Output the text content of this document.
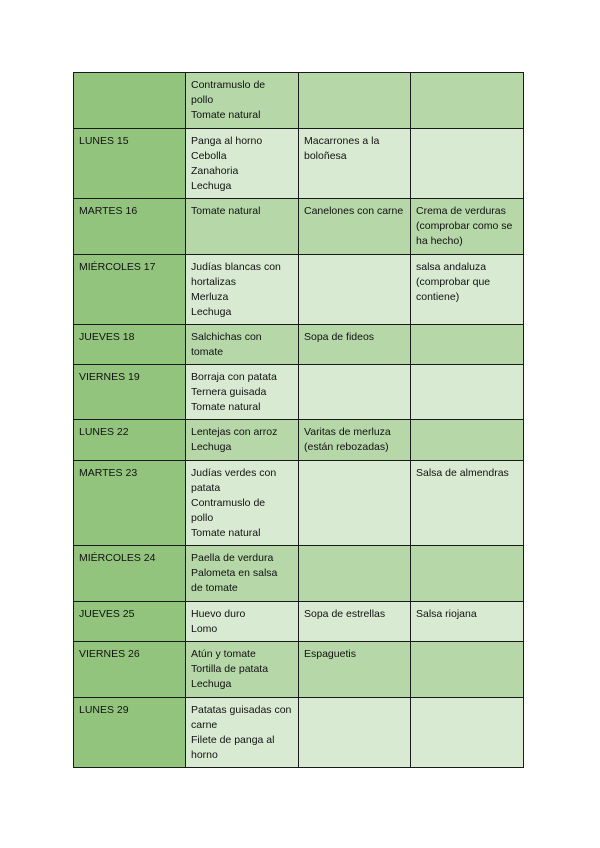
	Contramuslo de
pollo
Tomate natural		

LUNES 15	Panga al horno
Cebolla
Zanahoria
Lechuga	Macarrones a la
boloñesa	

MARTES 16	Tomate natural	Canelones con carne	Crema de verduras
(comprobar como se
ha hecho)

MIÉRCOLES 17	Judías blancas con
hortalizas
Merluza
Lechuga		salsa andaluza
(comprobar que
contiene)

JUEVES 18	Salchichas con
tomate	Sopa de fideos	

VIERNES 19	Borraja con patata
Ternera guisada
Tomate natural		

LUNES 22	Lentejas con arroz
Lechuga	Varitas de merluza
(están rebozadas)	

MARTES 23	Judías verdes con
patata
Contramuslo de
pollo
Tomate natural		Salsa de almendras

MIÉRCOLES 24	Paella de verdura
Palometa en salsa
de tomate		

JUEVES 25	Huevo duro
Lomo	Sopa de estrellas	Salsa riojana

VIERNES 26	Atún y tomate
Tortilla de patata
Lechuga	Espaguetis	

LUNES 29	Patatas guisadas con
carne
Filete de panga al
horno		
